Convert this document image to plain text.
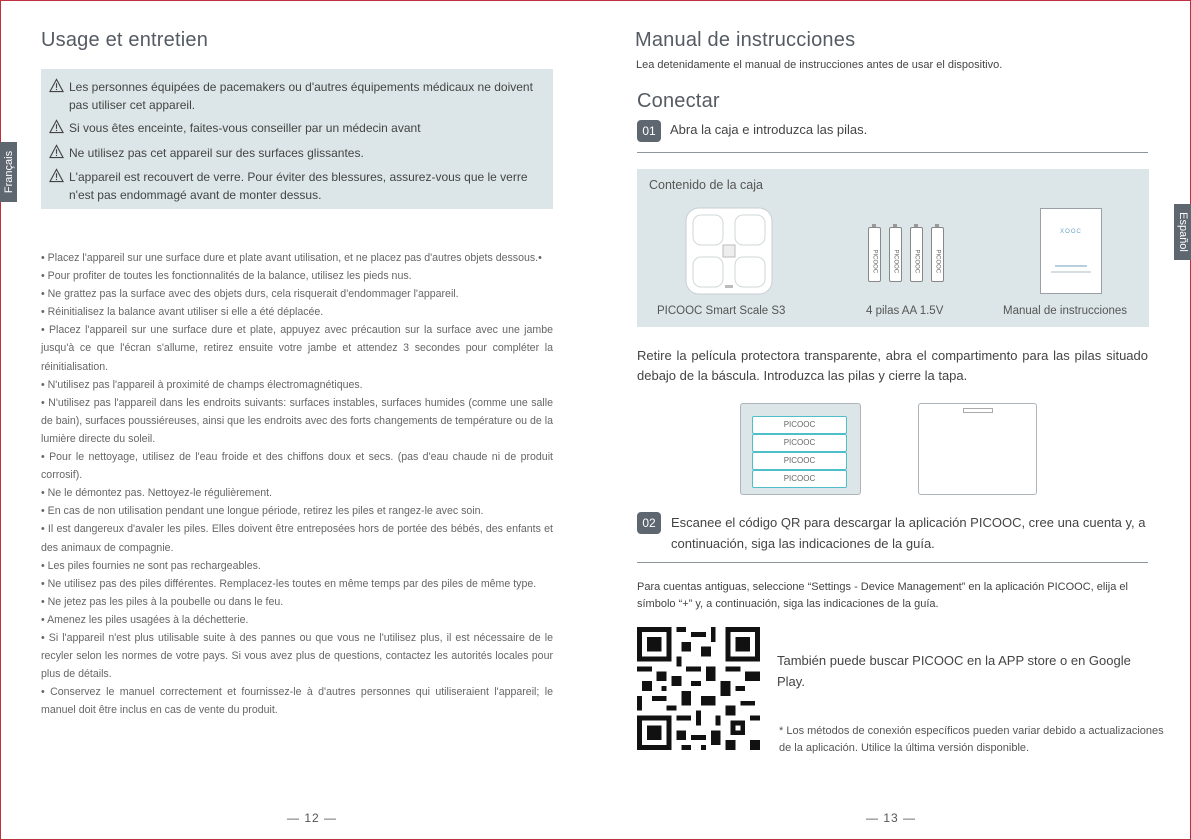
Usage et entretien
Français
Les personnes équipées de pacemakers ou d'autres équipements médicaux ne doivent pas utiliser cet appareil.
Si vous êtes enceinte, faites-vous conseiller par un médecin avant
Ne utilisez pas cet appareil sur des surfaces glissantes.
L'appareil est recouvert de verre. Pour éviter des blessures, assurez-vous que le verre n'est pas endommagé avant de monter dessus.

• Placez l'appareil sur une surface dure et plate avant utilisation, et ne placez pas d'autres objets dessous.•

• Pour profiter de toutes les fonctionnalités de la balance, utilisez les pieds nus.

• Ne grattez pas la surface avec des objets durs, cela risquerait d'endommager l'appareil.

• Réinitialisez la balance avant utiliser si elle a été déplacée.

• Placez l'appareil sur une surface dure et plate, appuyez avec précaution sur la surface avec une jambe jusqu'à ce que l'écran s'allume, retirez ensuite votre jambe et attendez 3 secondes pour compléter la réinitialisation.

• N'utilisez pas l'appareil à proximité de champs électromagnétiques.

• N'utilisez pas l'appareil dans les endroits suivants: surfaces instables, surfaces humides (comme une salle de bain), surfaces poussiéreuses, ainsi que les endroits avec des forts changements de température ou de la lumière directe du soleil.

• Pour le nettoyage, utilisez de l'eau froide et des chiffons doux et secs. (pas d'eau chaude ni de produit corrosif).

• Ne le démontez pas. Nettoyez-le régulièrement.

• En cas de non utilisation pendant une longue période, retirez les piles et rangez-le avec soin.

• Il est dangereux d'avaler les piles. Elles doivent être entreposées hors de portée des bébés, des enfants et des animaux de compagnie.

• Les piles fournies ne sont pas rechargeables.

• Ne utilisez pas des piles différentes. Remplacez-les toutes en même temps par des piles de même type.

• Ne jetez pas les piles à la poubelle ou dans le feu.

• Amenez les piles usagées à la déchetterie.

• Si l'appareil n'est plus utilisable suite à des pannes ou que vous ne l'utilisez plus, il est nécessaire de le recyler selon les normes de votre pays. Si vous avez plus de questions, contactez les autorités locales pour plus de détails.

• Conservez le manuel correctement et fournissez-le à d'autres personnes qui utiliseraient l'appareil; le manuel doit être inclus en cas de vente du produit.

— 12 —
Manual de instrucciones
Lea detenidamente el manual de instrucciones antes de usar el dispositivo.
Conectar
Español
01	Abra la caja e introduzca las pilas.
Contenido de la caja
PICOOC	PICOOC	PICOOC	PICOOC
XOOC
PICOOC Smart Scale S3	4 pilas AA 1.5V	Manual de instrucciones
Retire la película protectora transparente, abra el compartimento para las pilas situado debajo de la báscula. Introduzca las pilas y cierre la tapa.
PICOOC
PICOOC
PICOOC
PICOOC
02	Escanee el código QR para descargar la aplicación PICOOC, cree una cuenta y, a continuación, siga las indicaciones de la guía.
Para cuentas antiguas, seleccione “Settings - Device Management” en la aplicación PICOOC, elija el símbolo “+” y, a continuación, siga las indicaciones de la guía.
También puede buscar PICOOC en la APP store o en Google Play.
* Los métodos de conexión específicos pueden variar debido a actualizaciones de la aplicación. Utilice la última versión disponible.
— 13 —
